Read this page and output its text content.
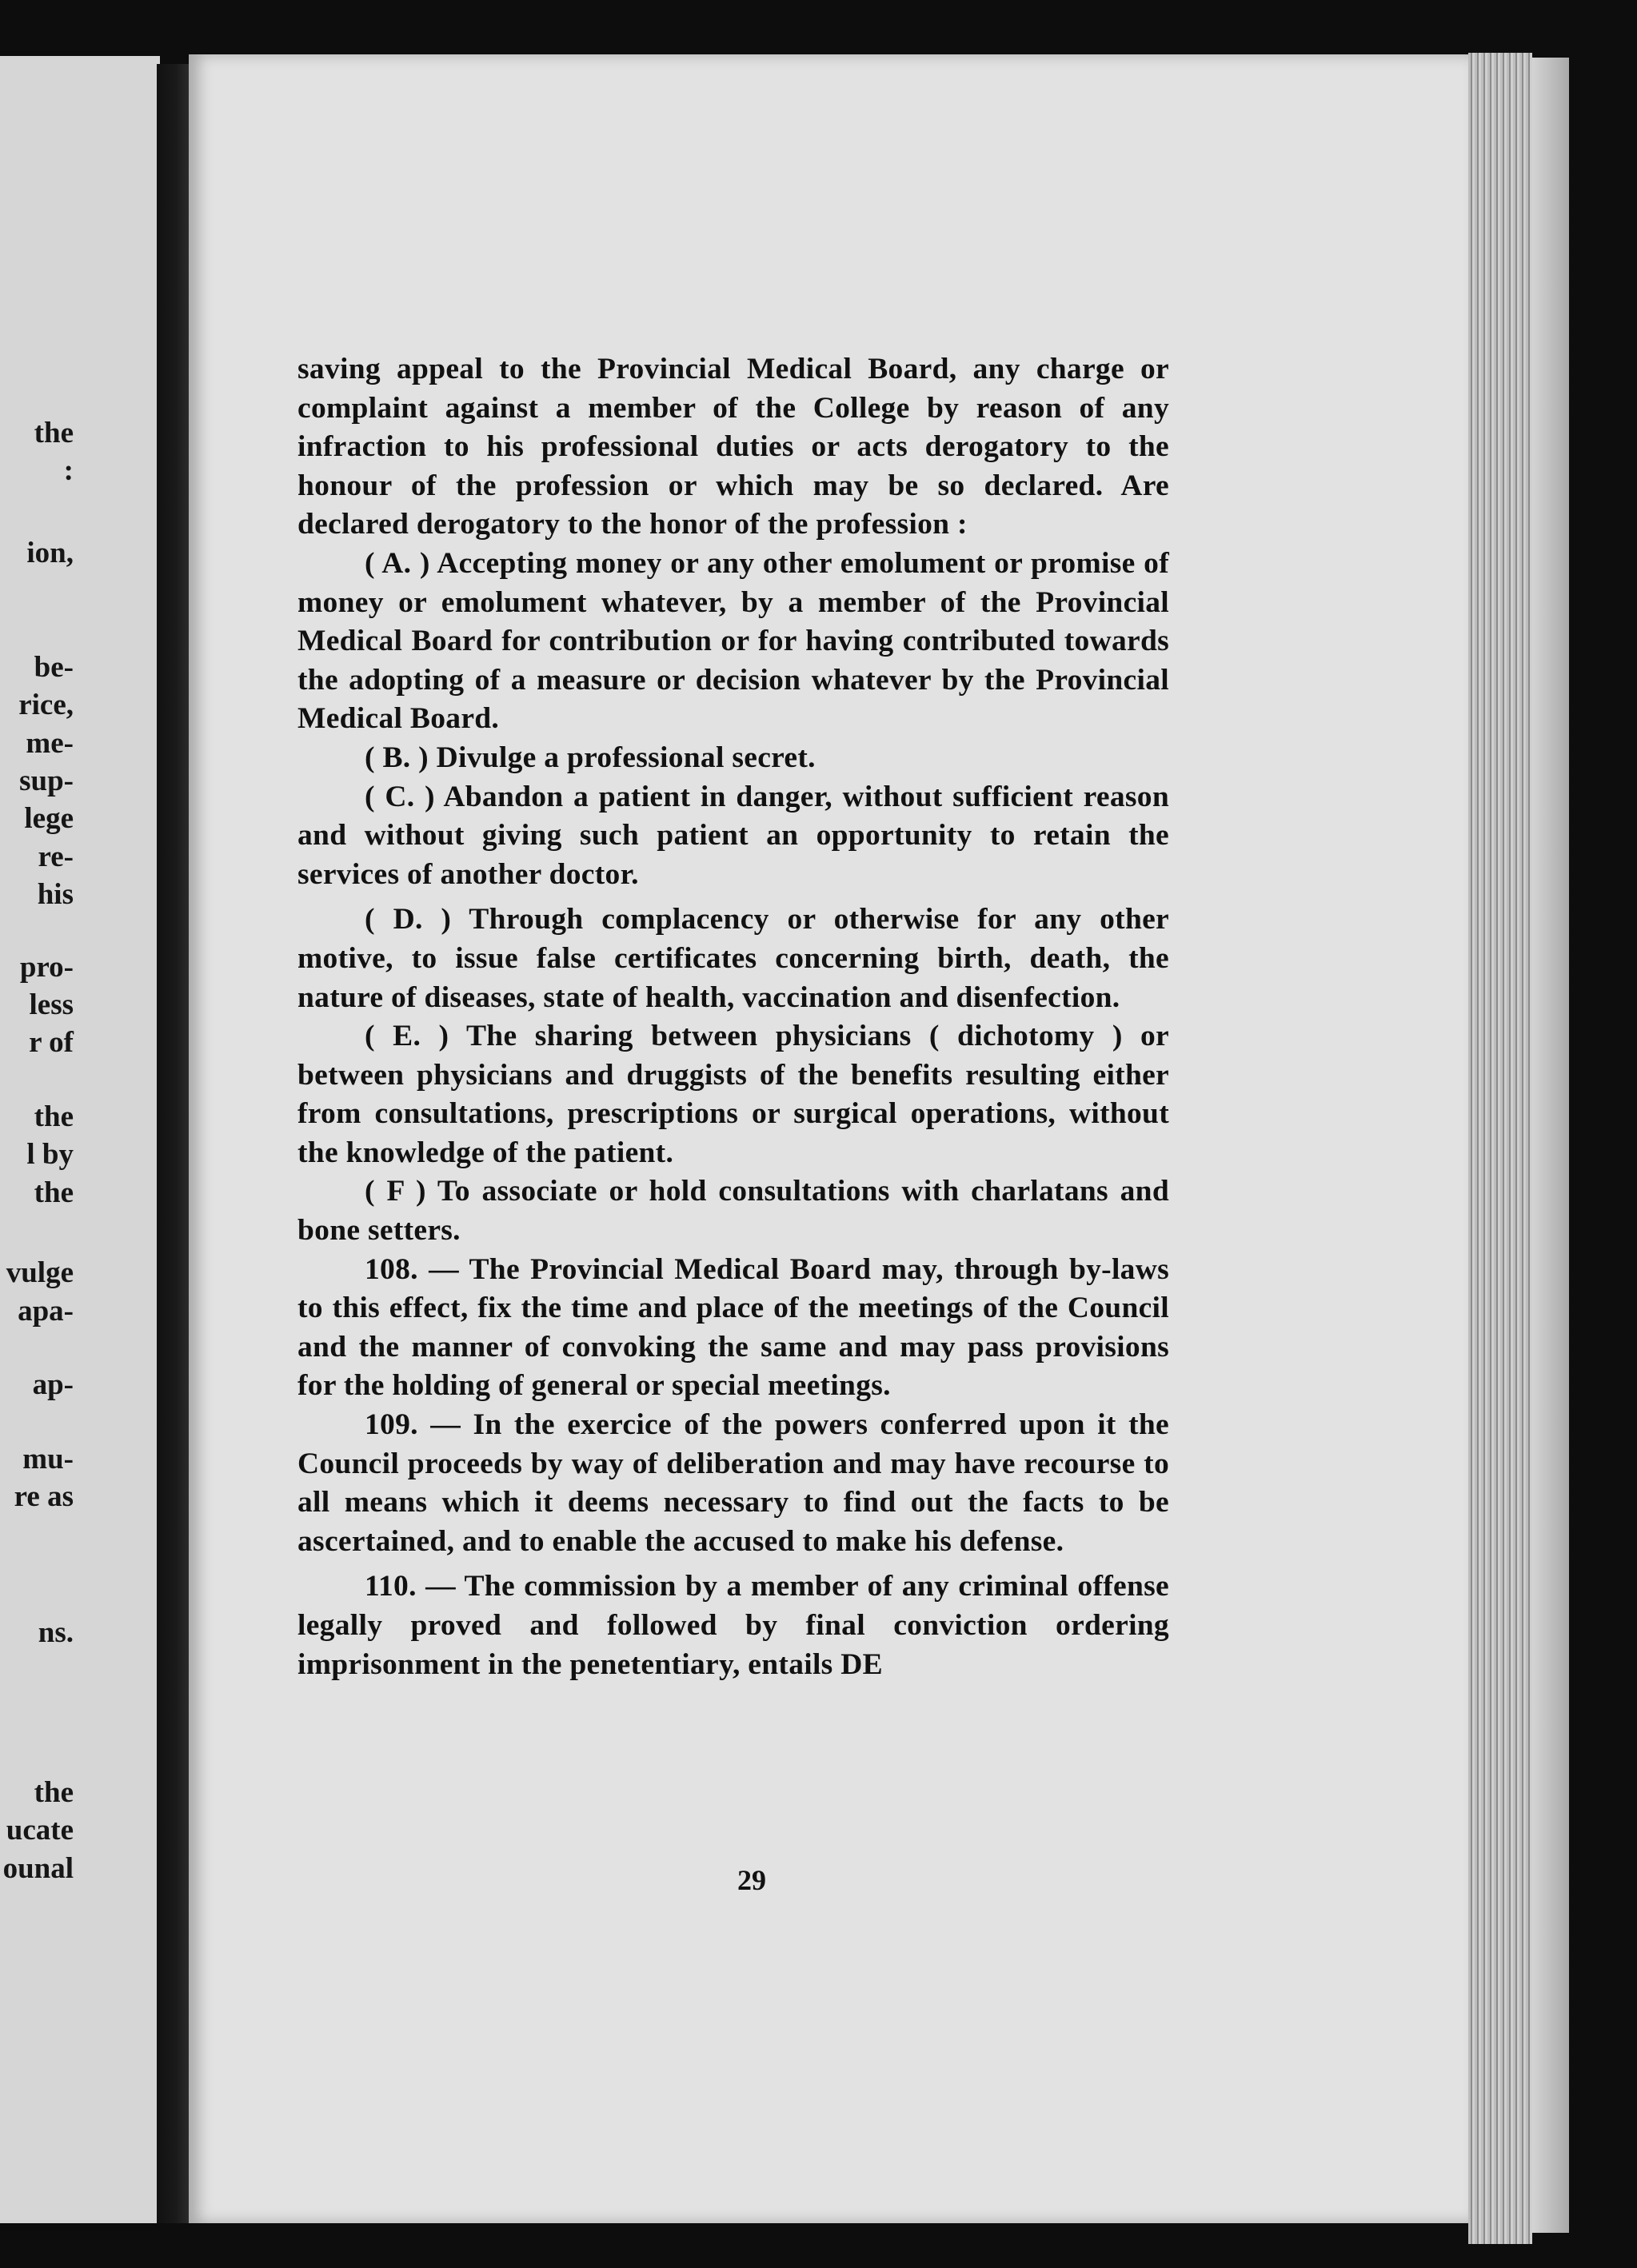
the
:
ion,
be-
rice,
me-
sup-
lege
re-
his
pro-
less
r of
the
l by
the
vulge
apa-
ap-
mu-
re as
ns.
the
ucate
ounal

saving appeal to the Provincial Medical Board, any charge or complaint against a member of the College by reason of any infraction to his professional duties or acts derogatory to the honour of the profession or which may be so declared. Are declared derogatory to the honor of the profession :

( A. ) Accepting money or any other emolument or promise of money or emolument whatever, by a member of the Provincial Medical Board for contribution or for having contributed towards the adopting of a measure or decision whatever by the Provincial Medical Board.

( B. ) Divulge a professional secret.

( C. ) Abandon a patient in danger, without sufficient reason and without giving such patient an opportunity to retain the services of another doctor.

( D. ) Through complacency or otherwise for any other motive, to issue false certificates concerning birth, death, the nature of diseases, state of health, vaccination and disenfection.

( E. ) The sharing between physicians ( dichotomy ) or between physicians and druggists of the benefits resulting either from consultations, prescriptions or surgical operations, without the knowledge of the patient.

( F ) To associate or hold consultations with charlatans and bone setters.

108. — The Provincial Medical Board may, through by-laws to this effect, fix the time and place of the meetings of the Council and the manner of convoking the same and may pass provisions for the holding of general or special meetings.

109. — In the exercice of the powers conferred upon it the Council proceeds by way of deliberation and may have recourse to all means which it deems necessary to find out the facts to be ascertained, and to enable the accused to make his defense.

110. — The commission by a member of any criminal offense legally proved and followed by final conviction ordering imprisonment in the penetentiary, entails DE

29
